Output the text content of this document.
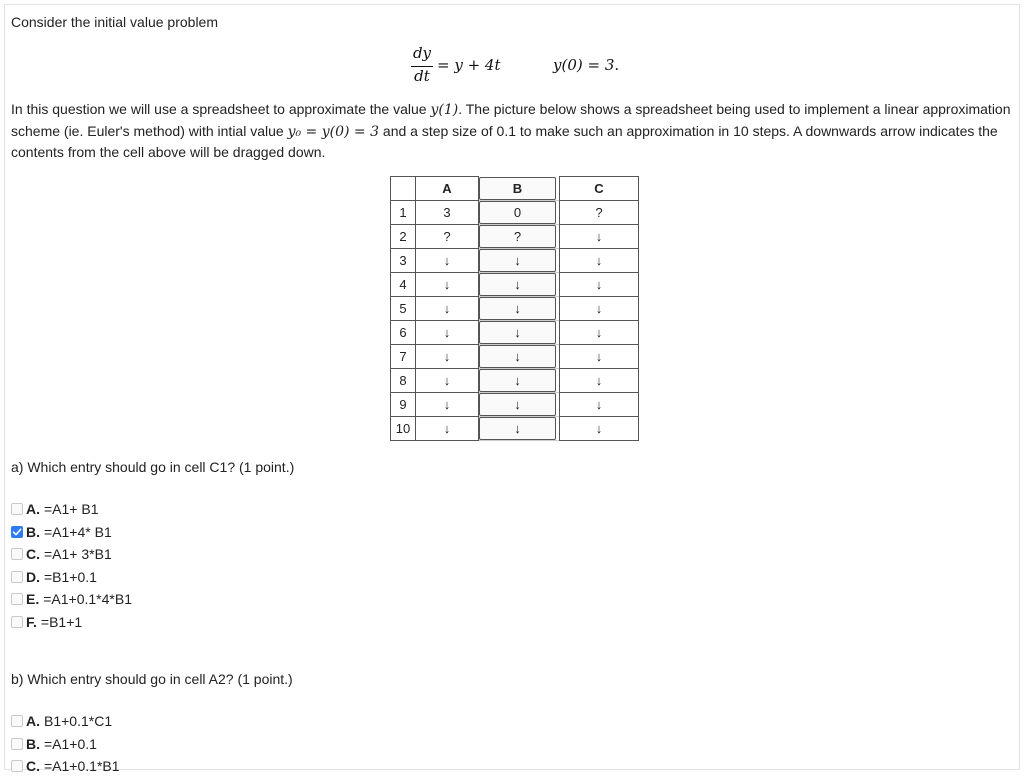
Consider the initial value problem
dy
dt
= y + 4t	y(0) = 3.
In this question we will use a spreadsheet to approximate the value y(1). The picture below shows a spreadsheet being used to implement a linear approximation scheme (ie. Euler's method) with intial value y₀ = y(0) = 3 and a step size of 0.1 to make such an approximation in 10 steps. A downwards arrow indicates the contents from the cell above will be dragged down.
	A		B	C
1	3		0	?
2	?		?	↓
3	↓		↓	↓
4	↓		↓	↓
5	↓		↓	↓
6	↓		↓	↓
7	↓		↓	↓
8	↓		↓	↓
9	↓		↓	↓
10	↓		↓	↓
a) Which entry should go in cell C1? (1 point.)
A. =A1+ B1
B. =A1+4* B1
C. =A1+ 3*B1
D. =B1+0.1
E. =A1+0.1*4*B1
F. =B1+1
b) Which entry should go in cell A2? (1 point.)
A. B1+0.1*C1
B. =A1+0.1
C. =A1+0.1*B1
